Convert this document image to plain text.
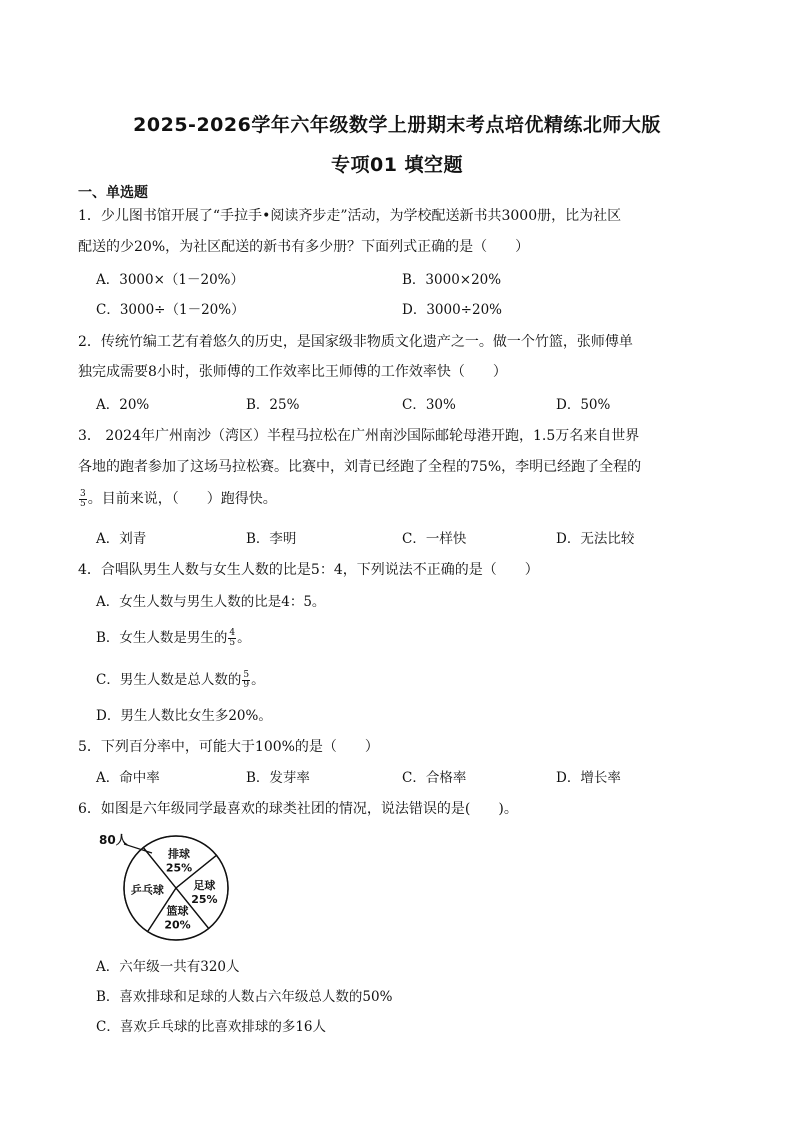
2025-2026学年六年级数学上册期末考点培优精练北师大版
专项01 填空题
一、单选题
1．少儿图书馆开展了“手拉手•阅读齐步走”活动，为学校配送新书共3000册，比为社区
配送的少20%，为社区配送的新书有多少册？下面列式正确的是（　　）
A．3000×（1－20%）	B．3000×20%
C．3000÷（1－20%）	D．3000÷20%
2．传统竹编工艺有着悠久的历史，是国家级非物质文化遗产之一。做一个竹篮，张师傅单
独完成需要8小时，张师傅的工作效率比王师傅的工作效率快（　　）
A．20%	B．25%	C．30%	D．50%
3． 2024年广州南沙（湾区）半程马拉松在广州南沙国际邮轮母港开跑，1.5万名来自世界
各地的跑者参加了这场马拉松赛。比赛中，刘青已经跑了全程的75%，李明已经跑了全程的
$\frac{3}{5}$ 。目前来说，（　　）跑得快。
A．刘青	B．李明	C．一样快	D．无法比较
4．合唱队男生人数与女生人数的比是5：4，下列说法不正确的是（　　）
A．女生人数与男生人数的比是4：5。
B．女生人数是男生的 $\frac{4}{5}$ 。
C．男生人数是总人数的 $\frac{5}{9}$ 。
D．男生人数比女生多20%。
5．下列百分率中，可能大于100%的是（　　）
A．命中率	B．发芽率	C．合格率	D．增长率
6．如图是六年级同学最喜欢的球类社团的情况，说法错误的是(　　)。
80人
排球
25%
足球
25%
篮球
20%
乒乓球
A．六年级一共有320人
B．喜欢排球和足球的人数占六年级总人数的50%
C．喜欢乒乓球的比喜欢排球的多16人
